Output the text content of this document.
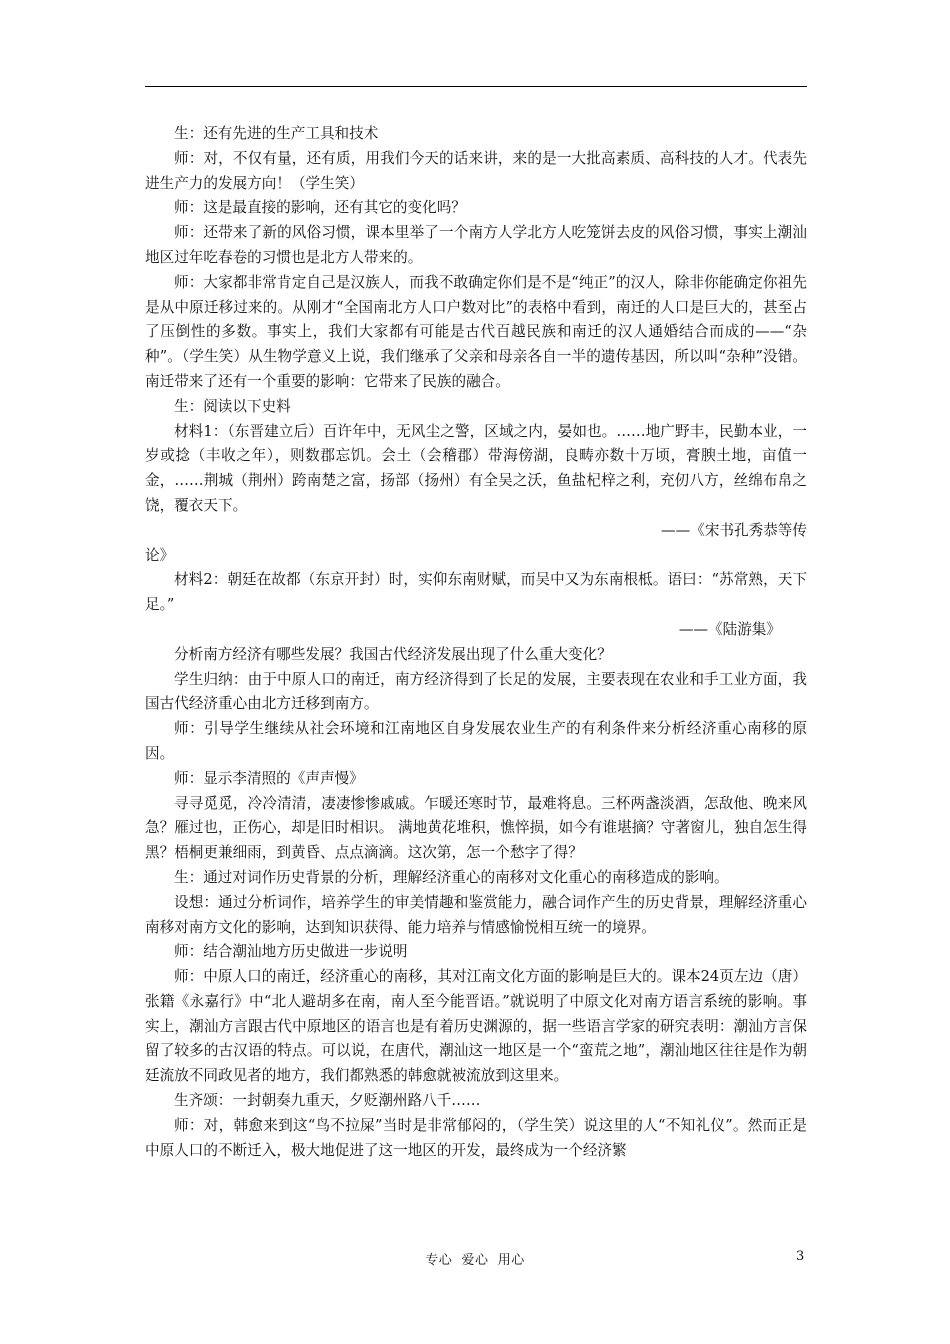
生：还有先进的生产工具和技术

师：对，不仅有量，还有质，用我们今天的话来讲，来的是一大批高素质、高科技的人才。代表先进生产力的发展方向！（学生笑）

师：这是最直接的影响，还有其它的变化吗？

师：还带来了新的风俗习惯，课本里举了一个南方人学北方人吃笼饼去皮的风俗习惯，事实上潮汕地区过年吃春卷的习惯也是北方人带来的。

师：大家都非常肯定自己是汉族人，而我不敢确定你们是不是“纯正”的汉人，除非你能确定你祖先是从中原迁移过来的。从刚才“全国南北方人口户数对比”的表格中看到，南迁的人口是巨大的，甚至占了压倒性的多数。事实上，我们大家都有可能是古代百越民族和南迁的汉人通婚结合而成的——“杂种”。（学生笑）从生物学意义上说，我们继承了父亲和母亲各自一半的遗传基因，所以叫“杂种”没错。南迁带来了还有一个重要的影响：它带来了民族的融合。

生：阅读以下史料

材料1：（东晋建立后）百许年中，无风尘之警，区域之内，晏如也。……地广野丰，民勤本业，一岁或捻（丰收之年），则数郡忘饥。会土（会稽郡）带海傍湖，良畴亦数十万顷，膏腴土地，亩值一金，……荆城（荆州）跨南楚之富，扬部（扬州）有全吴之沃，鱼盐杞梓之利，充仞八方，丝绵布帛之饶，覆衣天下。

——《宋书孔秀恭等传

论》

材料2：朝廷在故都（东京开封）时，实仰东南财赋，而吴中又为东南根柢。语曰：“苏常熟，天下足。”

——《陆游集》

分析南方经济有哪些发展？我国古代经济发展出现了什么重大变化？

学生归纳：由于中原人口的南迁，南方经济得到了长足的发展，主要表现在农业和手工业方面，我国古代经济重心由北方迁移到南方。

师：引导学生继续从社会环境和江南地区自身发展农业生产的有利条件来分析经济重心南移的原因。

师：显示李清照的《声声慢》

寻寻觅觅，冷冷清清，凄凄惨惨戚戚。乍暖还寒时节，最难将息。三杯两盏淡酒，怎敌他、晚来风急？雁过也，正伤心，却是旧时相识。 满地黄花堆积，憔悴损，如今有谁堪摘？守著窗儿，独自怎生得黑？梧桐更兼细雨，到黄昏、点点滴滴。这次第，怎一个愁字了得？

生：通过对词作历史背景的分析，理解经济重心的南移对文化重心的南移造成的影响。

设想：通过分析词作，培养学生的审美情趣和鉴赏能力，融合词作产生的历史背景，理解经济重心南移对南方文化的影响，达到知识获得、能力培养与情感愉悦相互统一的境界。

师：结合潮汕地方历史做进一步说明

师：中原人口的南迁，经济重心的南移，其对江南文化方面的影响是巨大的。课本24页左边（唐）张籍《永嘉行》中“北人避胡多在南，南人至今能晋语。”就说明了中原文化对南方语言系统的影响。事实上，潮汕方言跟古代中原地区的语言也是有着历史渊源的，据一些语言学家的研究表明：潮汕方言保留了较多的古汉语的特点。可以说，在唐代，潮汕这一地区是一个“蛮荒之地”，潮汕地区往往是作为朝廷流放不同政见者的地方，我们都熟悉的韩愈就被流放到这里来。

生齐颂：一封朝奏九重天，夕贬潮州路八千……

师：对，韩愈来到这“鸟不拉屎”当时是非常郁闷的，（学生笑）说这里的人“不知礼仪”。然而正是中原人口的不断迁入，极大地促进了这一地区的开发，最终成为一个经济繁

专心  爱心  用心	3
